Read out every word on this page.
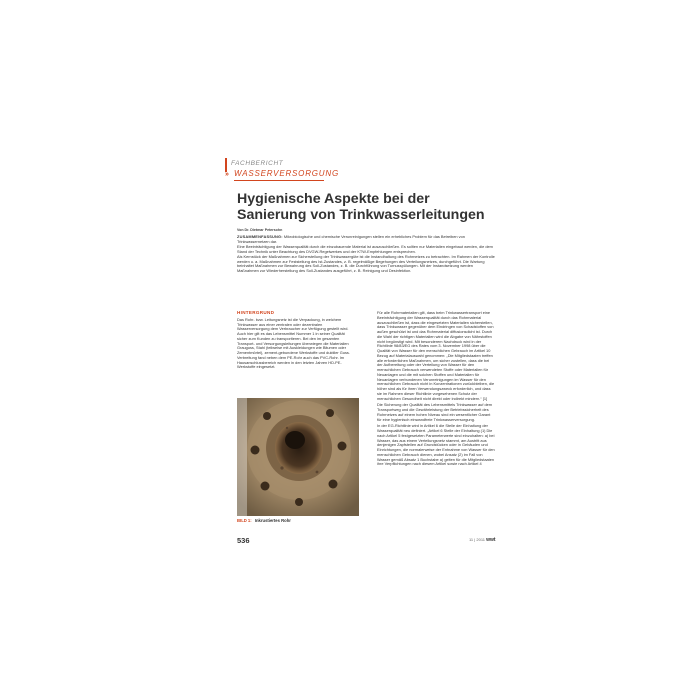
FACHBERICHT
» WASSERVERSORGUNG
Hygienische Aspekte bei der Sanierung von Trinkwasserleitungen
Von Dr. Dietmar Petersohn

ZUSAMMENFASSUNG: Mikrobiologische und chemische Verunreinigungen stellen ein erhebliches Problem für das Betreiben von Trinkwassernetzen dar.

Eine Beeinträchtigung der Wasserqualität durch die einzubauende Material ist auszuschließen. Es sollten nur Materialien eingebaut werden, die dem Stand der Technik unter Beachtung des DVGW-Regelwerkes und der KTW-Empfehlungen entsprechen.

Als Kernstück der Maßnahmen zur Sicherstellung der Trinkwassergüte ist die Instandhaltung des Rohrnetzes zu betrachten. Im Rahmen der Kontrolle werden u. a. Maßnahmen zur Feststellung des Ist-Zustandes, z. B. regelmäßige Begehungen des Verteilungsnetzes, durchgeführt. Die Wartung beinhaltet Maßnahmen zur Bewahrung des Soll-Zustandes, z. B. die Durchführung von Turnusspülungen. Mit der Instandsetzung werden Maßnahmen zur Wiederherstellung des Soll-Zustandes ausgeführt, z. B. Reinigung und Desinfektion.

HINTERGRUND

Das Rohr- bzw. Leitungsnetz ist die Verpackung, in welchem Trinkwasser aus einer zentralen oder dezentralen Wasserversorgung dem Verbraucher zur Verfügung gestellt wird. Auch hier gilt es das Lebensmittel Nummer 1 in seiner Qualität sicher zum Kunden zu transportieren. Bei den im gesamten Transport- und Versorgungsleitungen überwiegen die Materialien Grauguss, Stahl (teilweise mit Auskleidungen wie Bitumen oder Zementmörtel), zement-gebundene Werkstoffe und duktiler Guss. Verbreitung fand neben dem PE-Rohr auch das PVC-Rohr. Im Hausanschlussbereich werden in den letzten Jahren HD-PE-Werkstoffe eingesetzt.

BILD 1: Inkrustiertes Rohr

Für alle Rohrmaterialien gilt, dass beim Trinkwassertransport eine Beeinträchtigung der Wasserqualität durch das Rohrmaterial auszuschließen ist, dass die eingesetzten Materialien sicherstellen, dass Trinkwasser gegenüber dem Eindringen von Schadstoffen von außen geschützt ist und das Rohrmaterial diffusionsdicht ist. Durch die Wahl der richtigen Materialien wird die Abgabe von Nährstoffen nicht begünstigt wird. Mit besonderem Nachdruck wird in der Richtlinie 98/83/EG des Rates vom 3. November 1998 über die Qualität von Wasser für den menschlichen Gebrauch im Artikel 10 Bezug auf Materialauswahl genommen: „Die Mitgliedstaaten treffen alle erforderlichen Maßnahmen, um sicher zustellen, dass die bei der Aufbereitung oder der Verteilung von Wasser für den menschlichen Gebrauch verwendeten Stoffe oder Materialien für Neuanlagen und die mit solchen Stoffen und Materialien für Neuanlagen verbundenen Verunreinigungen im Wasser für den menschlichen Gebrauch nicht in Konzentrationen zurückbleiben, die höher sind als für ihren Verwendungszweck erforderlich, und dass sie im Rahmen dieser Richtlinie vorgesehenen Schutz der menschlichen Gesundheit nicht direkt oder indirekt mindern.“ [1]

Die Sicherung der Qualität des Lebensmittels Trinkwasser auf dem Transportweg und die Gewährleistung der Betriebssicherheit des Rohrnetzes auf einem hohen Niveau sind ein wesentlicher Garant für eine hygienisch einwandfreie Trinkwasserversorgung.

In der EG-Richtlinie wird in Artikel 6 die Stelle der Einhaltung der Wasserqualität neu definiert. „Artikel 6 Stelle der Einhaltung (1) Die nach Artikel 5 festgesetzten Parameterwerte sind einzuhalten: a) bei Wasser, das aus einem Verteilungsnetz stammt, am Austritt aus denjenigen Zapfstellen auf Grundstücken oder in Gebäuden und Einrichtungen, die normalerweise der Entnahme von Wasser für den menschlichen Gebrauch dienen, wobei Ansatz (2) im Fall von Wasser gemäß Absatz 1 Buchstabe a) gelten für die Mitgliedstaaten ihre Verpflichtungen nach diesem Artikel sowie nach Artikel 4

536	11 | 2011 wwt
